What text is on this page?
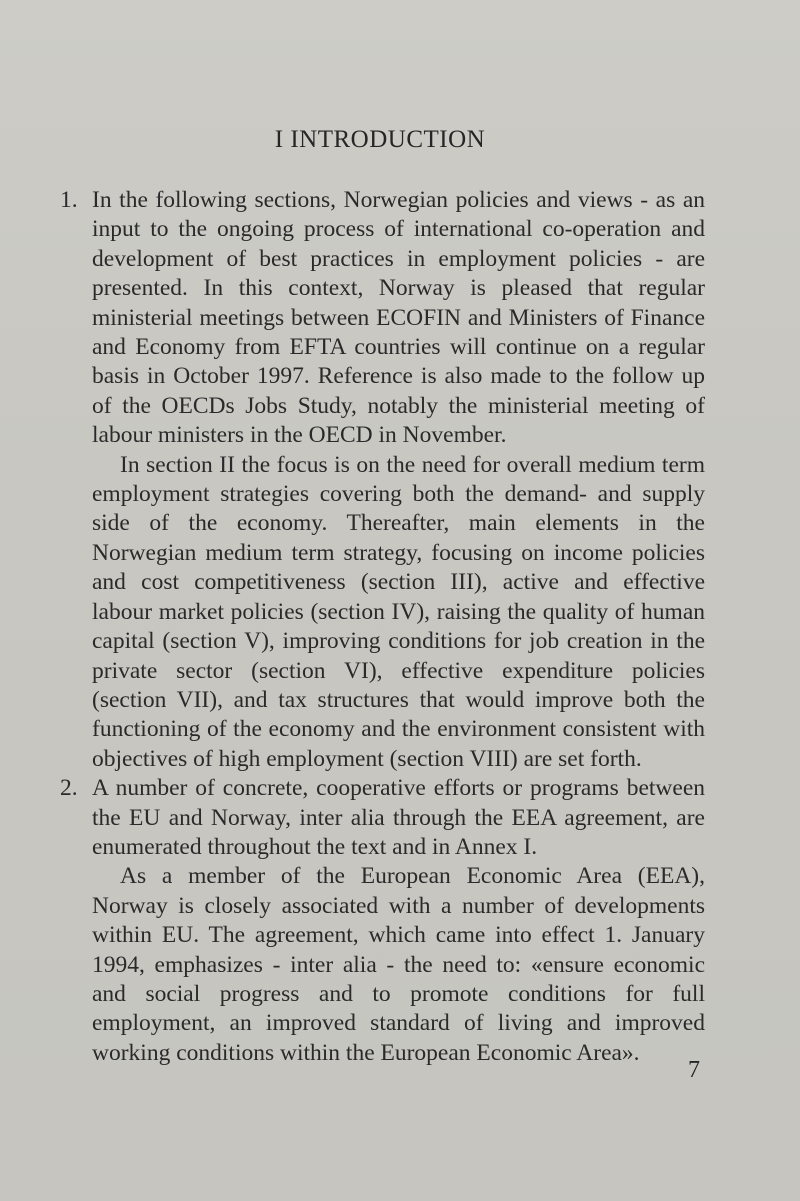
I INTRODUCTION
1. In the following sections, Norwegian policies and views - as an input to the ongoing process of international co-operation and development of best practices in employment policies - are presented. In this context, Norway is pleased that regular ministerial meetings between ECOFIN and Ministers of Finance and Economy from EFTA countries will continue on a regular basis in October 1997. Reference is also made to the follow up of the OECDs Jobs Study, notably the ministerial meeting of labour ministers in the OECD in November.

In section II the focus is on the need for overall medium term employment strategies covering both the demand- and supply side of the economy. Thereafter, main elements in the Norwegian medium term strategy, focusing on income policies and cost competitiveness (section III), active and effective labour market policies (section IV), raising the quality of human capital (section V), improving conditions for job creation in the private sector (section VI), effective expenditure policies (section VII), and tax structures that would improve both the functioning of the economy and the environment consistent with objectives of high employment (section VIII) are set forth.

2. A number of concrete, cooperative efforts or programs between the EU and Norway, inter alia through the EEA agreement, are enumerated throughout the text and in Annex I.

As a member of the European Economic Area (EEA), Norway is closely associated with a number of developments within EU. The agreement, which came into effect 1. January 1994, emphasizes - inter alia - the need to: «ensure economic and social progress and to promote conditions for full employment, an improved standard of living and improved working conditions within the European Economic Area».

7
